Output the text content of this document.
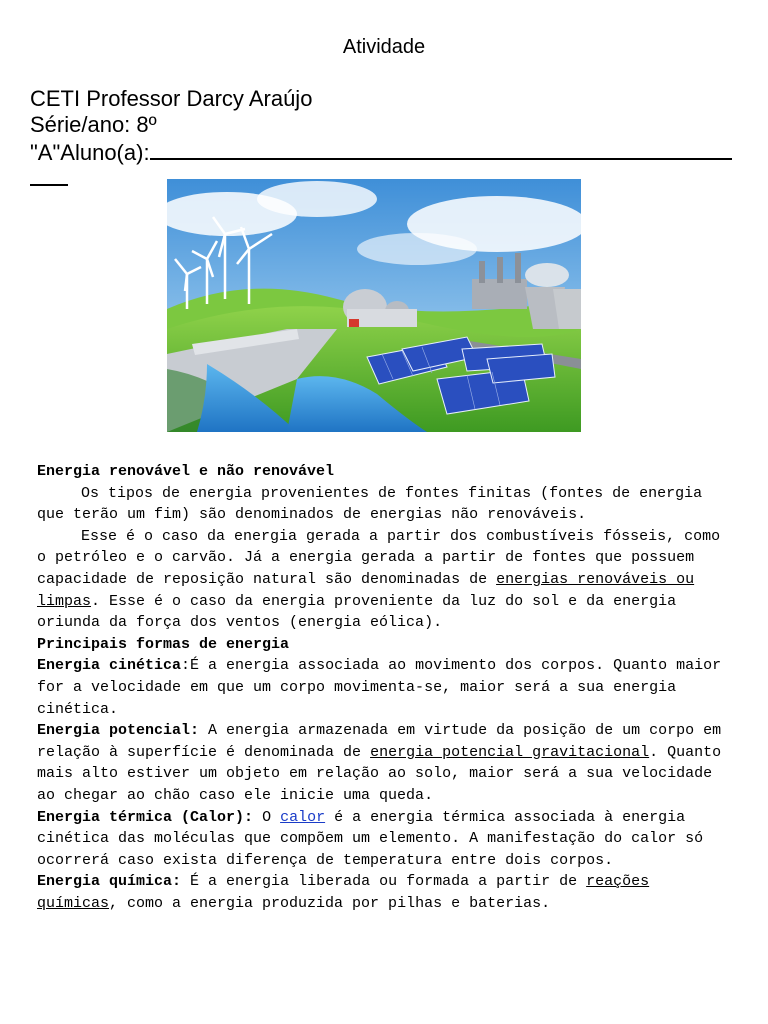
Atividade
CETI Professor Darcy Araújo
Série/ano: 8º
"A"Aluno(a):

Energia renovável e não renovável

Os tipos de energia provenientes de fontes finitas (fontes de energia que terão um fim) são denominados de energias não renováveis.

Esse é o caso da energia gerada a partir dos combustíveis fósseis, como o petróleo e o carvão. Já a energia gerada a partir de fontes que possuem capacidade de reposição natural são denominadas de energias renováveis ou limpas. Esse é o caso da energia proveniente da luz do sol e da energia oriunda da força dos ventos (energia eólica).

Principais formas de energia

Energia cinética:É a energia associada ao movimento dos corpos. Quanto maior for a velocidade em que um corpo movimenta-se, maior será a sua energia cinética.

Energia potencial: A energia armazenada em virtude da posição de um corpo em relação à superfície é denominada de energia potencial gravitacional. Quanto mais alto estiver um objeto em relação ao solo, maior será a sua velocidade ao chegar ao chão caso ele inicie uma queda.

Energia térmica (Calor): O calor é a energia térmica associada à energia cinética das moléculas que compõem um elemento. A manifestação do calor só ocorrerá caso exista diferença de temperatura entre dois corpos.

Energia química: É a energia liberada ou formada a partir de reações químicas, como a energia produzida por pilhas e baterias.
